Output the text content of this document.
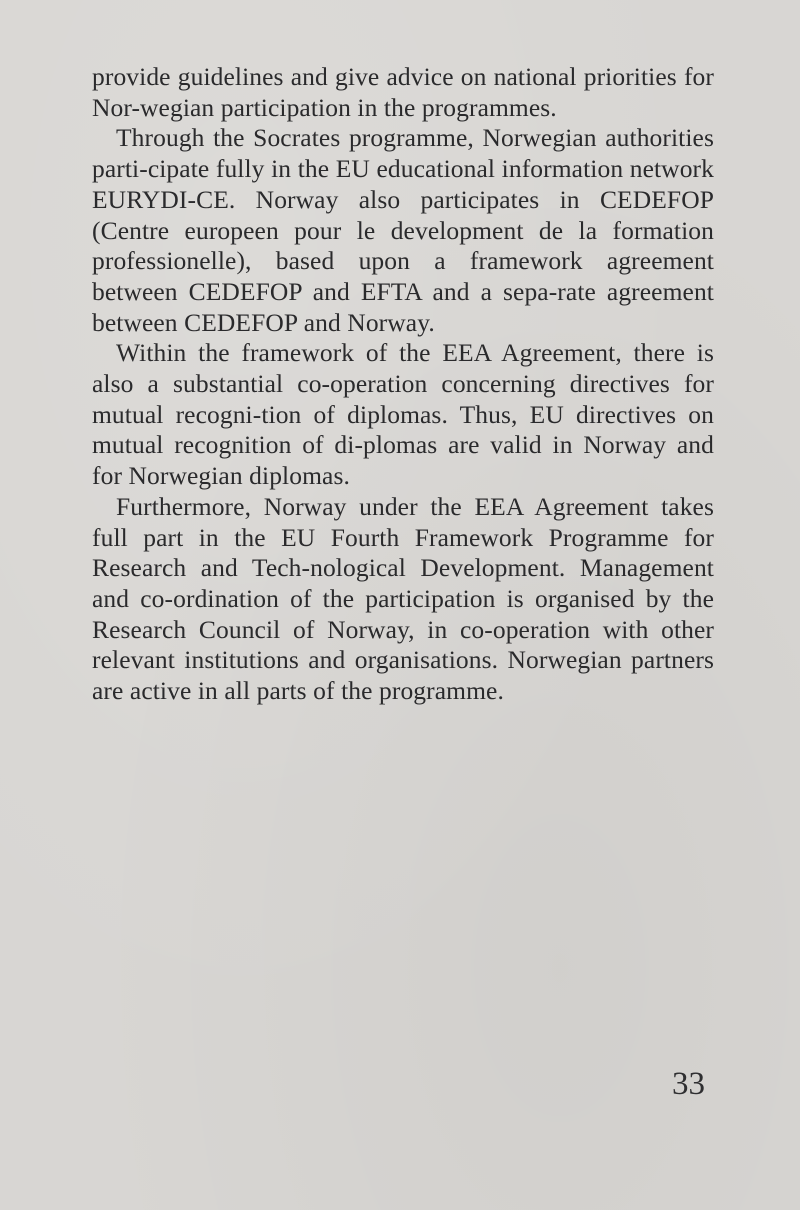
provide guidelines and give advice on national priorities for Nor-wegian participation in the programmes.

Through the Socrates programme, Norwegian authorities parti-cipate fully in the EU educational information network EURYDI-CE. Norway also participates in CEDEFOP (Centre europeen pour le development de la formation professionelle), based upon a framework agreement between CEDEFOP and EFTA and a sepa-rate agreement between CEDEFOP and Norway.

Within the framework of the EEA Agreement, there is also a substantial co-operation concerning directives for mutual recogni-tion of diplomas. Thus, EU directives on mutual recognition of di-plomas are valid in Norway and for Norwegian diplomas.

Furthermore, Norway under the EEA Agreement takes full part in the EU Fourth Framework Programme for Research and Tech-nological Development. Management and co-ordination of the participation is organised by the Research Council of Norway, in co-operation with other relevant institutions and organisations. Norwegian partners are active in all parts of the programme.

33
